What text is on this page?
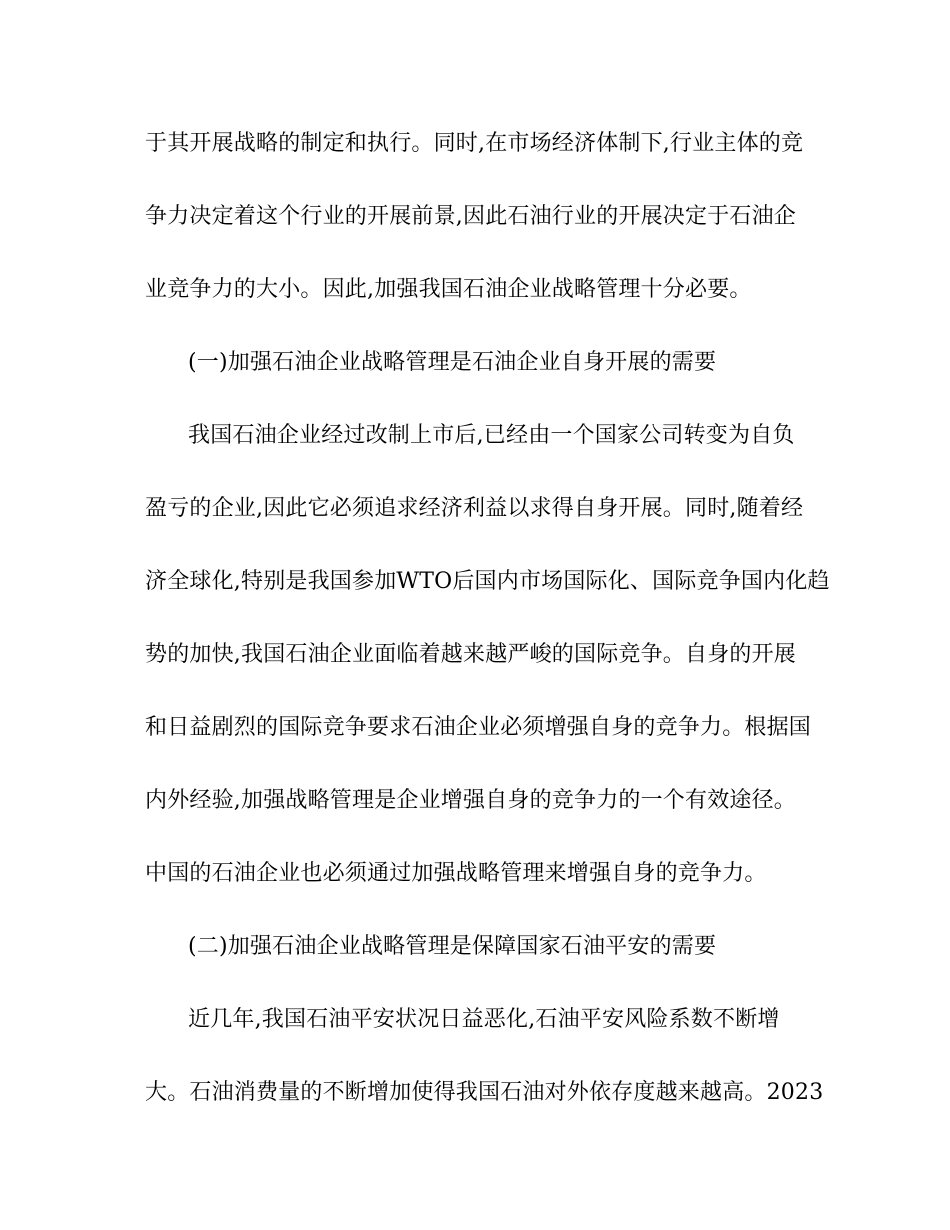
于其开展战略的制定和执行。同时,在市场经济体制下,行业主体的竞
争力决定着这个行业的开展前景,因此石油行业的开展决定于石油企
业竞争力的大小。因此,加强我国石油企业战略管理十分必要。
(一)加强石油企业战略管理是石油企业自身开展的需要
我国石油企业经过改制上市后,已经由一个国家公司转变为自负
盈亏的企业,因此它必须追求经济利益以求得自身开展。同时,随着经
济全球化,特别是我国参加WTO后国内市场国际化、国际竞争国内化趋
势的加快,我国石油企业面临着越来越严峻的国际竞争。自身的开展
和日益剧烈的国际竞争要求石油企业必须增强自身的竞争力。根据国
内外经验,加强战略管理是企业增强自身的竞争力的一个有效途径。
中国的石油企业也必须通过加强战略管理来增强自身的竞争力。
(二)加强石油企业战略管理是保障国家石油平安的需要
近几年,我国石油平安状况日益恶化,石油平安风险系数不断增
大。石油消费量的不断增加使得我国石油对外依存度越来越高。2023
